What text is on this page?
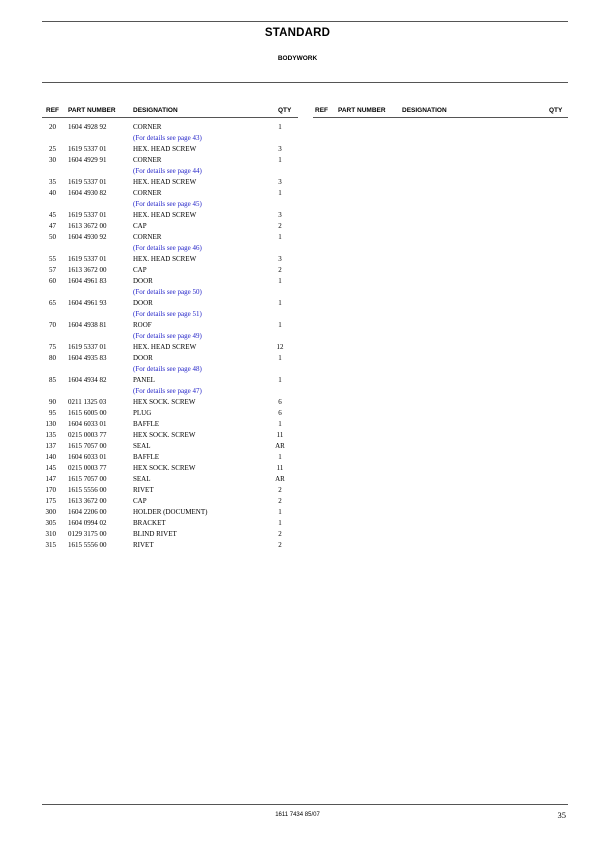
STANDARD
BODYWORK
REF PART NUMBER	DESIGNATION	QTY	REF PART NUMBER	DESIGNATION	QTY
20 1604 4928 92	CORNER	1
(For details see page 43)
25 1619 5337 01	HEX. HEAD SCREW	3
30 1604 4929 91	CORNER	1
(For details see page 44)
35 1619 5337 01	HEX. HEAD SCREW	3
40 1604 4930 82	CORNER	1
(For details see page 45)
45 1619 5337 01	HEX. HEAD SCREW	3
47 1613 3672 00	CAP	2
50 1604 4930 92	CORNER	1
(For details see page 46)
55 1619 5337 01	HEX. HEAD SCREW	3
57 1613 3672 00	CAP	2
60 1604 4961 83	DOOR	1
(For details see page 50)
65 1604 4961 93	DOOR	1
(For details see page 51)
70 1604 4938 81	ROOF	1
(For details see page 49)
75 1619 5337 01	HEX. HEAD SCREW	12
80 1604 4935 83	DOOR	1
(For details see page 48)
85 1604 4934 82	PANEL	1
(For details see page 47)
90 0211 1325 03	HEX SOCK. SCREW	6
95 1615 6005 00	PLUG	6
130 1604 6033 01	BAFFLE	1
135 0215 0003 77	HEX SOCK. SCREW	11
137 1615 7057 00	SEAL	AR
140 1604 6033 01	BAFFLE	1
145 0215 0003 77	HEX SOCK. SCREW	11
147 1615 7057 00	SEAL	AR
170 1615 5556 00	RIVET	2
175 1613 3672 00	CAP	2
300 1604 2206 00	HOLDER (DOCUMENT)	1
305 1604 0994 02	BRACKET	1
310 0129 3175 00	BLIND RIVET	2
315 1615 5556 00	RIVET	2
1611 7434 85/07	35
